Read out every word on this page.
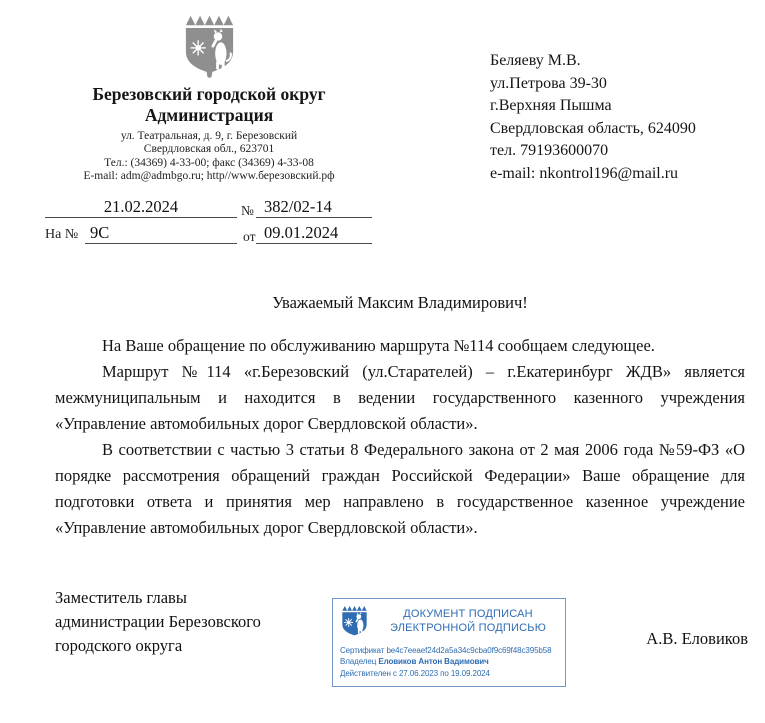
Березовский городской округ
Администрация
ул. Театральная, д. 9, г. Березовский
Свердловская обл., 623701
Тел.: (34369) 4-33-00; факс (34369) 4-33-08
E-mail: adm@admbgo.ru; http//www.березовский.рф
21.02.2024	№ 382/02-14
На № 9С	от 09.01.2024
Беляеву М.В.
ул.Петрова 39-30
г.Верхняя Пышма
Свердловская область, 624090
тел. 79193600070
e-mail: nkontrol196@mail.ru

Уважаемый Максим Владимирович!

На Ваше обращение по обслуживанию маршрута №114 сообщаем следующее.

Маршрут №114 «г.Березовский (ул.Старателей) – г.Екатеринбург ЖДВ» является межмуниципальным и находится в ведении государственного казенного учреждения «Управление автомобильных дорог Свердловской области».

В соответствии с частью 3 статьи 8 Федерального закона от 2 мая 2006 года №59-ФЗ «О порядке рассмотрения обращений граждан Российской Федерации» Ваше обращение для подготовки ответа и принятия мер направлено в государственное казенное учреждение «Управление автомобильных дорог Свердловской области».

Заместитель главы
администрации Березовского
городского округа
ДОКУМЕНТ ПОДПИСАН
ЭЛЕКТРОННОЙ ПОДПИСЬЮ
Сертификат be4c7eeaef24d2a5a34c9cba0f9c69f48c395b58
Владелец Еловиков Антон Вадимович
Действителен с 27.06.2023 по 19.09.2024
А.В. Еловиков
